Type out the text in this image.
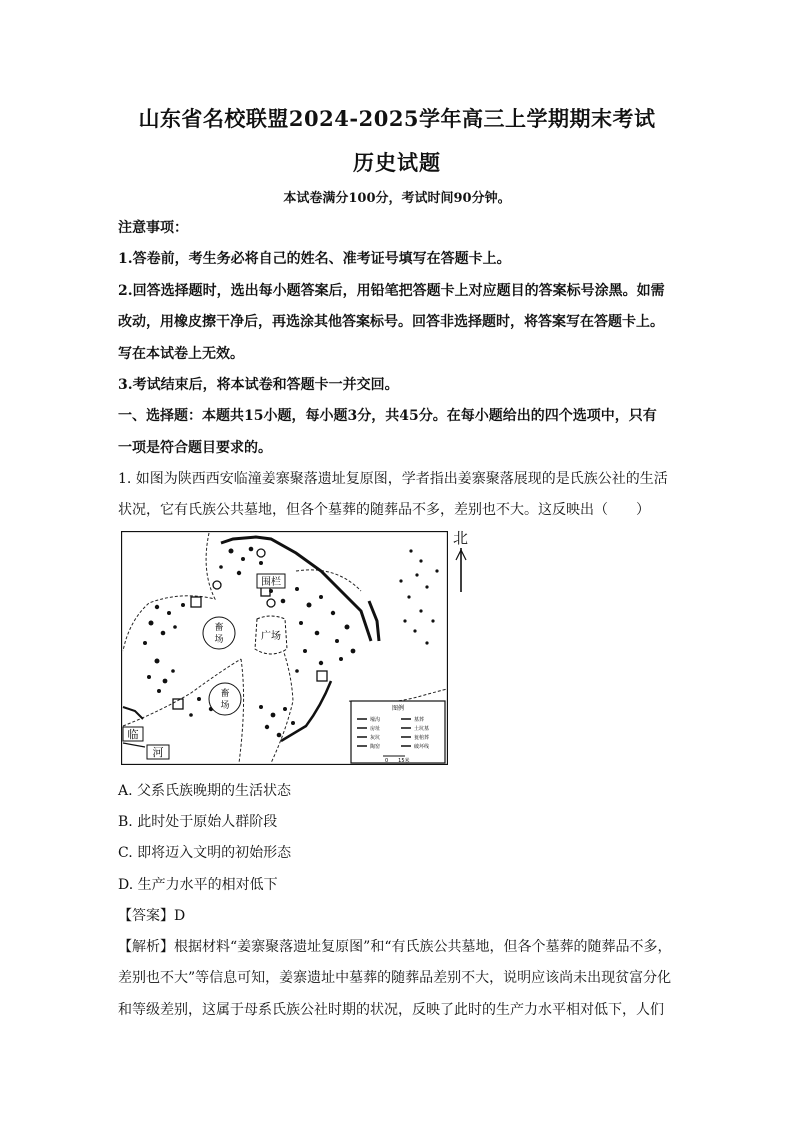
山东省名校联盟2024-2025学年高三上学期期末考试
历史试题
本试卷满分100分，考试时间90分钟。
注意事项：
1.答卷前，考生务必将自己的姓名、准考证号填写在答题卡上。
2.回答选择题时，选出每小题答案后，用铅笔把答题卡上对应题目的答案标号涂黑。如需
改动，用橡皮擦干净后，再选涂其他答案标号。回答非选择题时，将答案写在答题卡上。
写在本试卷上无效。
3.考试结束后，将本试卷和答题卡一并交回。
一、选择题：本题共15小题，每小题3分，共45分。在每小题给出的四个选项中，只有
一项是符合题目要求的。
1. 如图为陕西西安临潼姜寨聚落遗址复原图，学者指出姜寨聚落展现的是氏族公社的生活
状况，它有氏族公共墓地，但各个墓葬的随葬品不多，差别也不大。这反映出（　　）
北
畜
场
畜
场
围栏
广场
临
河
图例
壕沟
房址
灰坑
陶窑
墓葬
土坑墓
瓮棺葬
破坏线
0　　15米
A. 父系氏族晚期的生活状态
B. 此时处于原始人群阶段
C. 即将迈入文明的初始形态
D. 生产力水平的相对低下
【答案】D
【解析】根据材料“姜寨聚落遗址复原图”和“有氏族公共墓地，但各个墓葬的随葬品不多，
差别也不大”等信息可知，姜寨遗址中墓葬的随葬品差别不大，说明应该尚未出现贫富分化
和等级差别，这属于母系氏族公社时期的状况，反映了此时的生产力水平相对低下，人们
